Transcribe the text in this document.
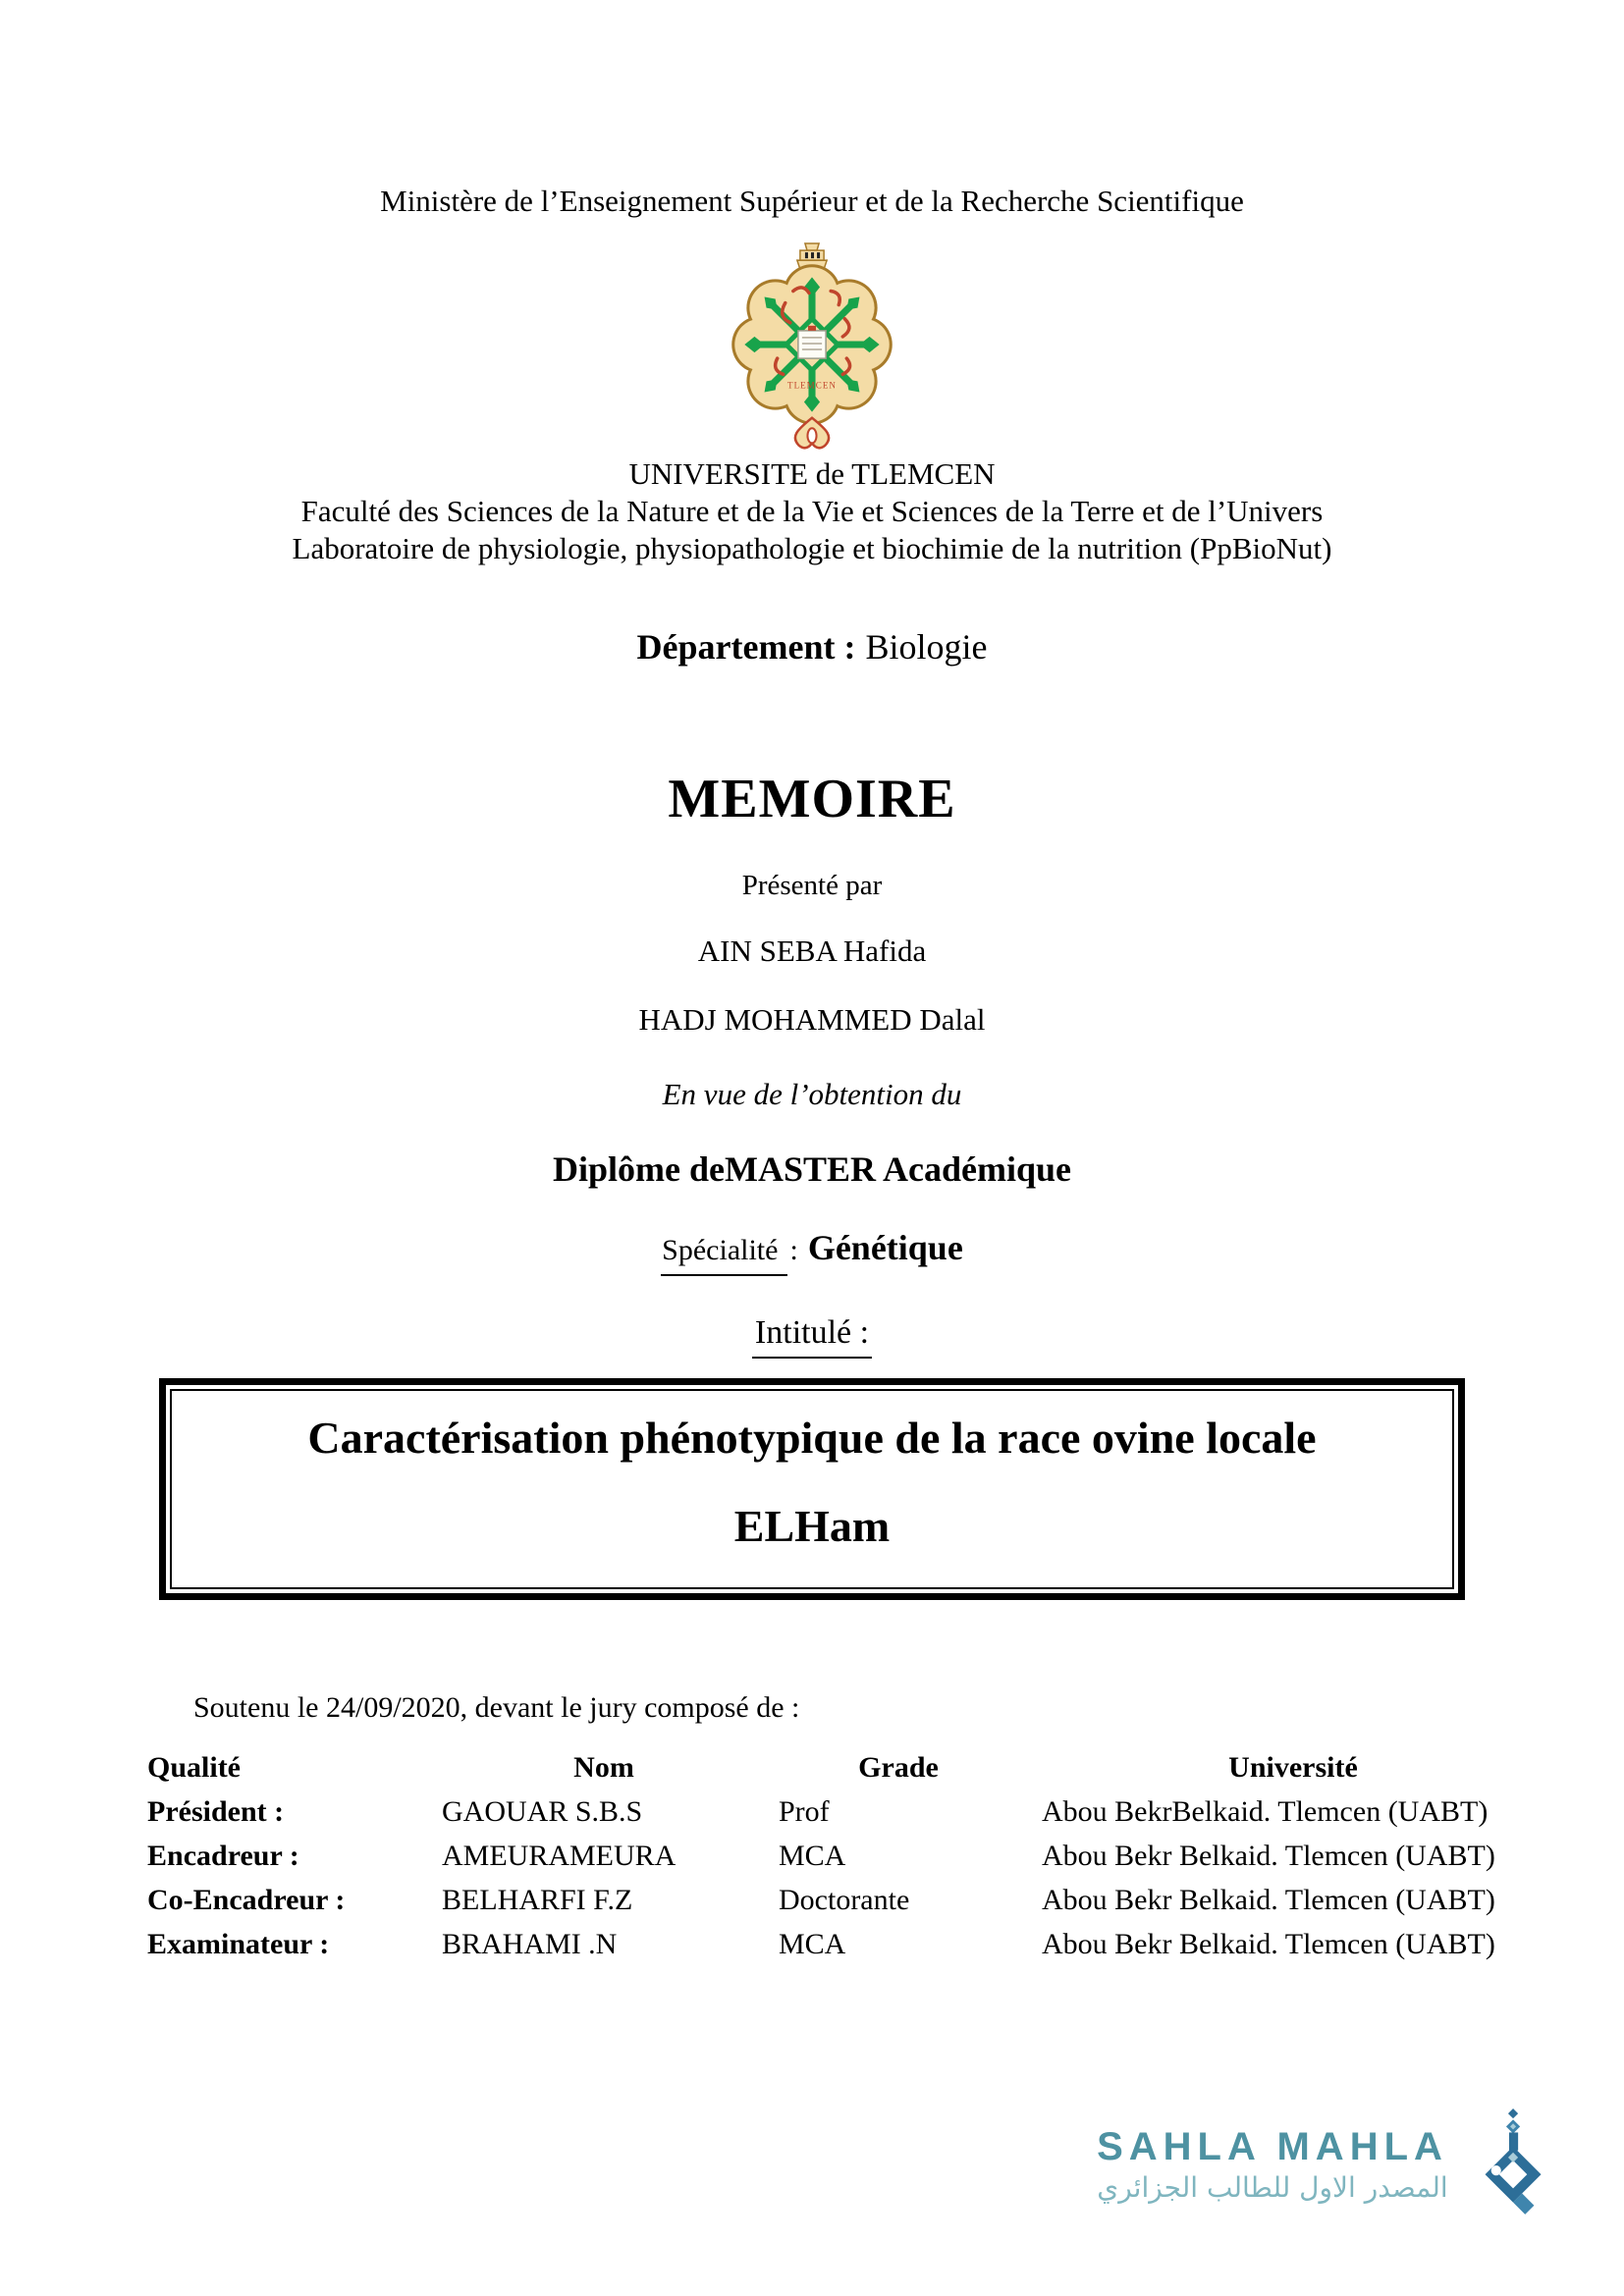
Ministère de l’Enseignement Supérieur et de la Recherche Scientifique
TLEMCEN
UNIVERSITE de TLEMCEN
Faculté des Sciences de la Nature et de la Vie et Sciences de la Terre et de l’Univers
Laboratoire de physiologie, physiopathologie et biochimie de la nutrition (PpBioNut)
Département : Biologie
MEMOIRE
Présenté par
AIN SEBA Hafida
HADJ MOHAMMED Dalal
En vue de l’obtention du
Diplôme deMASTER Académique
Spécialité : Génétique
Intitulé :
Caractérisation phénotypique de la race ovine locale
ELHam
Soutenu le 24/09/2020, devant le jury composé de :
Qualité	Nom	Grade	Université
Président :	GAOUAR S.B.S	Prof	Abou BekrBelkaid. Tlemcen (UABT)
Encadreur :	AMEURAMEURA	MCA	Abou Bekr Belkaid. Tlemcen (UABT)
Co-Encadreur :	BELHARFI F.Z	Doctorante	Abou Bekr Belkaid. Tlemcen (UABT)
Examinateur :	BRAHAMI .N	MCA	Abou Bekr Belkaid. Tlemcen (UABT)
SAHLA MAHLA
المصدر الاول للطالب الجزائري
